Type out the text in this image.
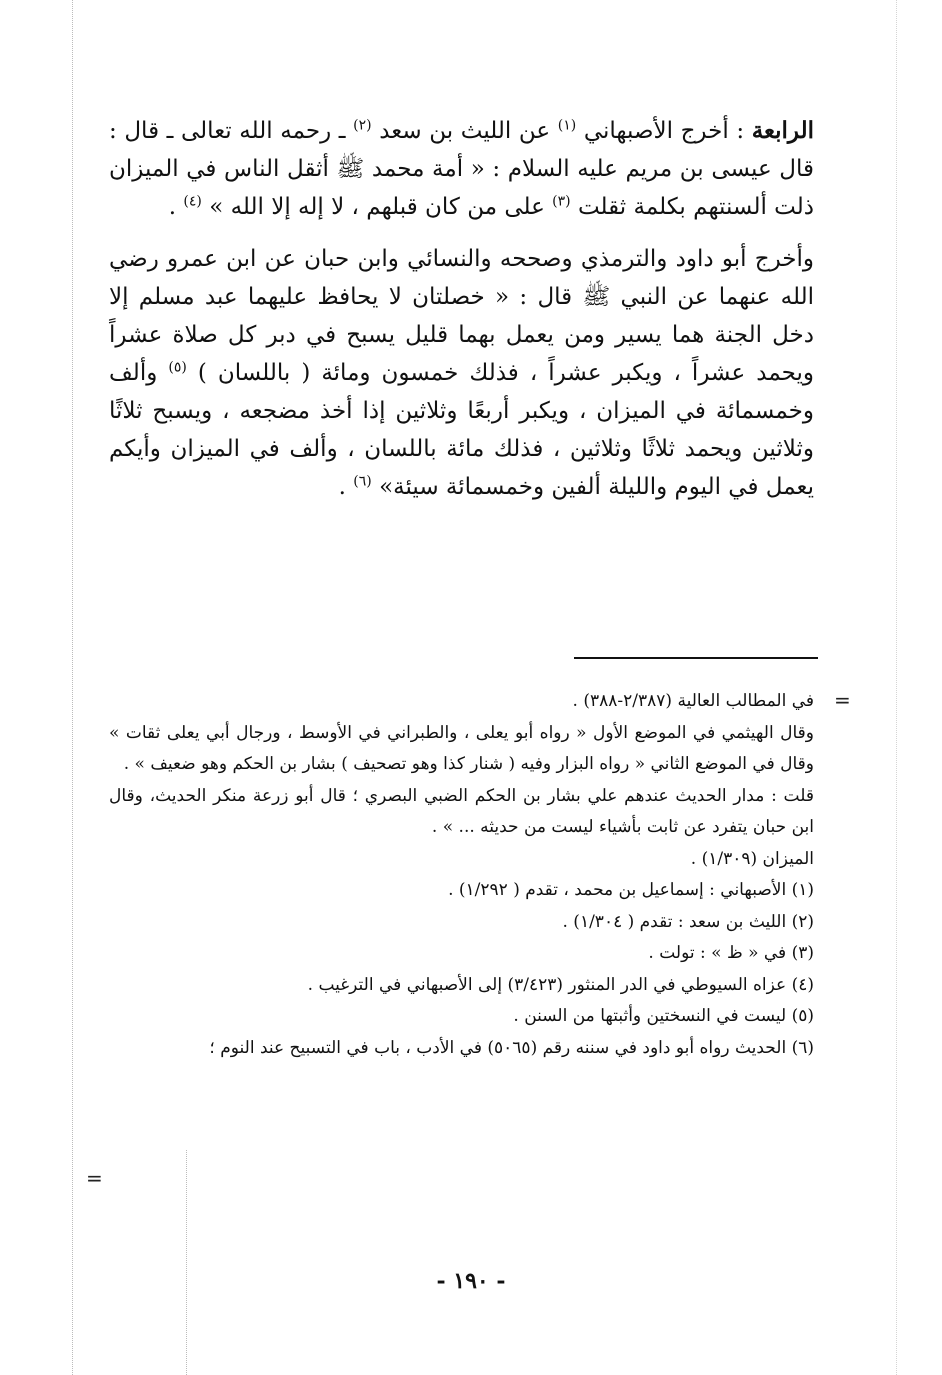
الرابعة : أخرج الأصبهاني $^{(١)}$ عن الليث بن سعد $^{(٢)}$ ـ رحمه الله تعالى ـ قال : قال عيسى بن مريم عليه السلام : « أمة محمد ﷺ أثقل الناس في الميزان ذلت ألسنتهم بكلمة ثقلت $^{(٣)}$ على من كان قبلهم ، لا إله إلا الله » $^{(٤)}$ .

وأخرج أبو داود والترمذي وصححه والنسائي وابن حبان عن ابن عمرو رضي الله عنهما عن النبي ﷺ قال : « خصلتان لا يحافظ عليهما عبد مسلم إلا دخل الجنة هما يسير ومن يعمل بهما قليل يسبح في دبر كل صلاة عشراً ويحمد عشراً ، ويكبر عشراً ، فذلك خمسون ومائة ( باللسان ) $^{(٥)}$ وألف وخمسمائة في الميزان ، ويكبر أربعًا وثلاثين إذا أخذ مضجعه ، ويسبح ثلاثًا وثلاثين ويحمد ثلاثًا وثلاثين ، فذلك مائة باللسان ، وألف في الميزان وأيكم يعمل في اليوم والليلة ألفين وخمسمائة سيئة» $^{(٦)}$ .

=

في المطالب العالية (٢/٣٨٧-٣٨٨) .

وقال الهيثمي في الموضع الأول « رواه أبو يعلى ، والطبراني في الأوسط ، ورجال أبي يعلى ثقات » وقال في الموضع الثاني « رواه البزار وفيه ( شنار كذا وهو تصحيف ) بشار بن الحكم وهو ضعيف » .

قلت : مدار الحديث عندهم علي بشار بن الحكم الضبي البصري ؛ قال أبو زرعة منكر الحديث، وقال ابن حبان يتفرد عن ثابت بأشياء ليست من حديثه ... » .

الميزان (١/٣٠٩) .

(١) الأصبهاني : إسماعيل بن محمد ، تقدم ( ١/٢٩٢) .

(٢) الليث بن سعد : تقدم ( ١/٣٠٤) .

(٣) في « ظ » : تولت .

(٤) عزاه السيوطي في الدر المنثور (٣/٤٢٣) إلى الأصبهاني في الترغيب .

(٥) ليست في النسختين وأثبتها من السنن .

(٦) الحديث رواه أبو داود في سننه رقم (٥٠٦٥) في الأدب ، باب في التسبيح عند النوم ؛

=
- ١٩٠ -
